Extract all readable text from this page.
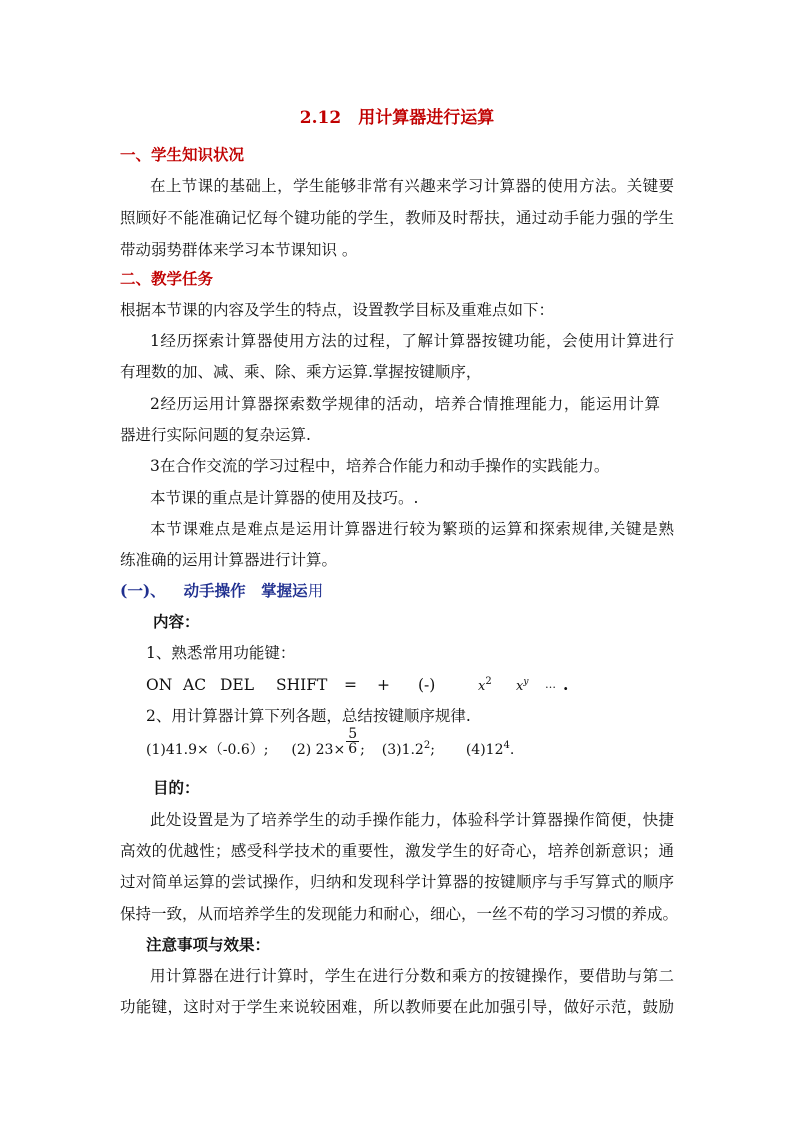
2.12　用计算器进行运算
一、学生知识状况
在上节课的基础上，学生能够非常有兴趣来学习计算器的使用方法。关键要
照顾好不能准确记忆每个键功能的学生，教师及时帮扶，通过动手能力强的学生
带动弱势群体来学习本节课知识 。
二、教学任务
根据本节课的内容及学生的特点，设置教学目标及重难点如下：
1经历探索计算器使用方法的过程，了解计算器按键功能，会使用计算进行
有理数的加、减、乘、除、乘方运算.掌握按键顺序，
2经历运用计算器探索数学规律的活动，培养合情推理能力，能运用计算
器进行实际问题的复杂运算.
3在合作交流的学习过程中，培养合作能力和动手操作的实践能力。
本节课的重点是计算器的使用及技巧。.
本节课难点是难点是运用计算器进行较为繁琐的运算和探索规律,关键是熟
练准确的运用计算器进行计算。
(一)、 动手操作　掌握运用
内容：
1、熟悉常用功能键：
ON AC DEL SHIFT = + (-)	$x^2$ $x^y$ … .
2、用计算器计算下列各题，总结按键顺序规律.
(1)41.9×（-0.6）; (2) $23\times \frac{5}{6}$ ; $(3)1.2^2$; $(4)12^4$.
目的：
此处设置是为了培养学生的动手操作能力，体验科学计算器操作简便，快捷
高效的优越性；感受科学技术的重要性，激发学生的好奇心，培养创新意识；通
过对简单运算的尝试操作，归纳和发现科学计算器的按键顺序与手写算式的顺序
保持一致，从而培养学生的发现能力和耐心，细心，一丝不苟的学习习惯的养成。
注意事项与效果：
用计算器在进行计算时，学生在进行分数和乘方的按键操作，要借助与第二
功能键，这时对于学生来说较困难，所以教师要在此加强引导，做好示范，鼓励
